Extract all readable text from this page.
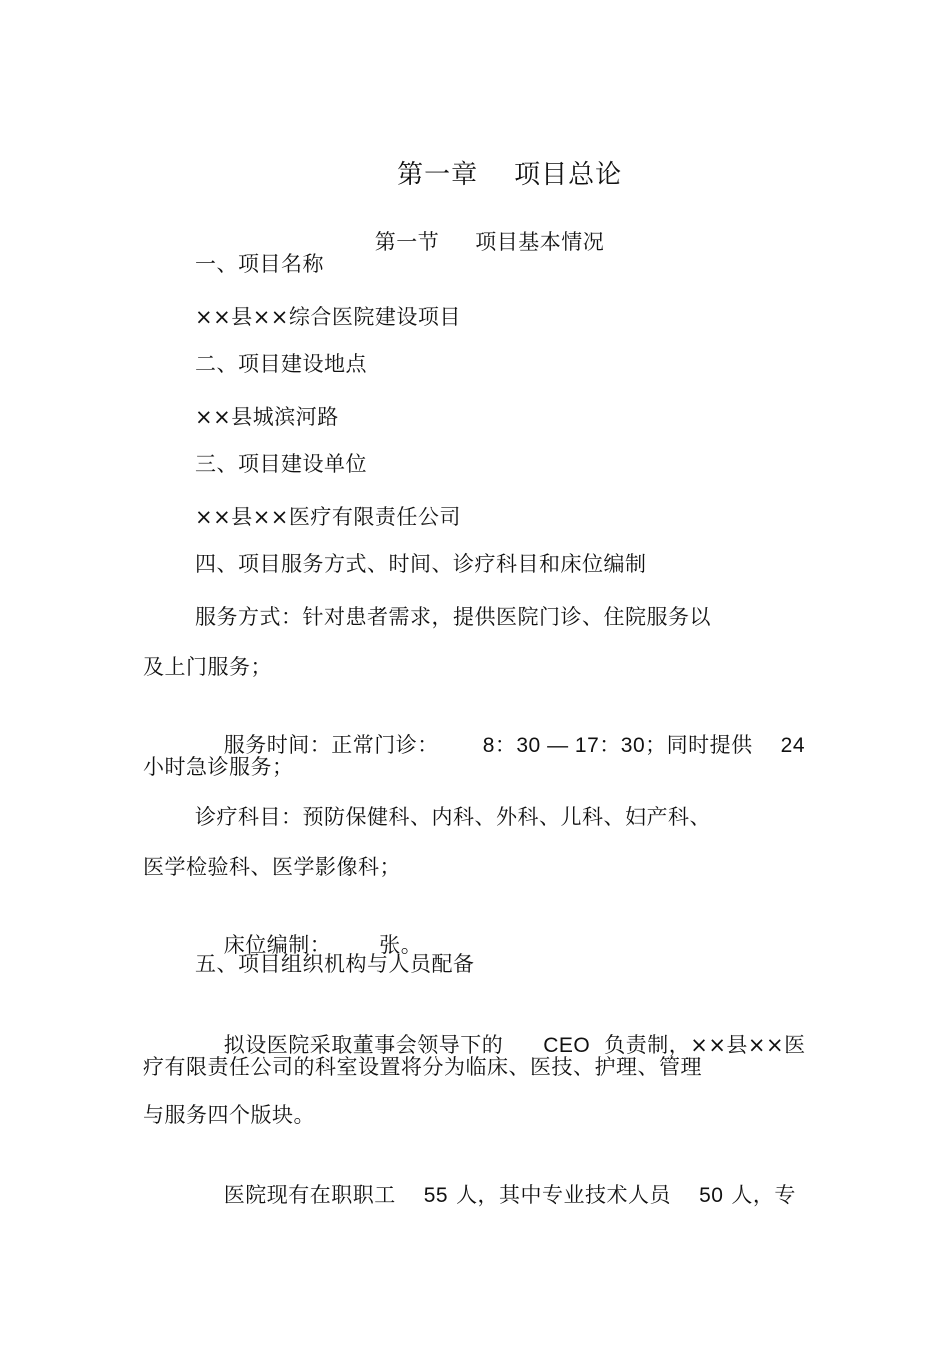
第一章 项目总论

第一节 项目基本情况

一、项目名称
××县××综合医院建设项目
二、项目建设地点
××县城滨河路
三、项目建设单位
××县××医疗有限责任公司
四、项目服务方式、时间、诊疗科目和床位编制
服务方式：针对患者需求，提供医院门诊、住院服务以
及上门服务；

服务时间：正常门诊： 8：30 — 17：30；同时提供 24

小时急诊服务；
诊疗科目：预防保健科、内科、外科、儿科、妇产科、
医学检验科、医学影像科；

床位编制： 张。

五、项目组织机构与人员配备

拟设医院采取董事会领导下的 CEO 负责制，××县××医

疗有限责任公司的科室设置将分为临床、医技、护理、管理
与服务四个版块。

医院现有在职职工 55 人，其中专业技术人员 50 人，专
